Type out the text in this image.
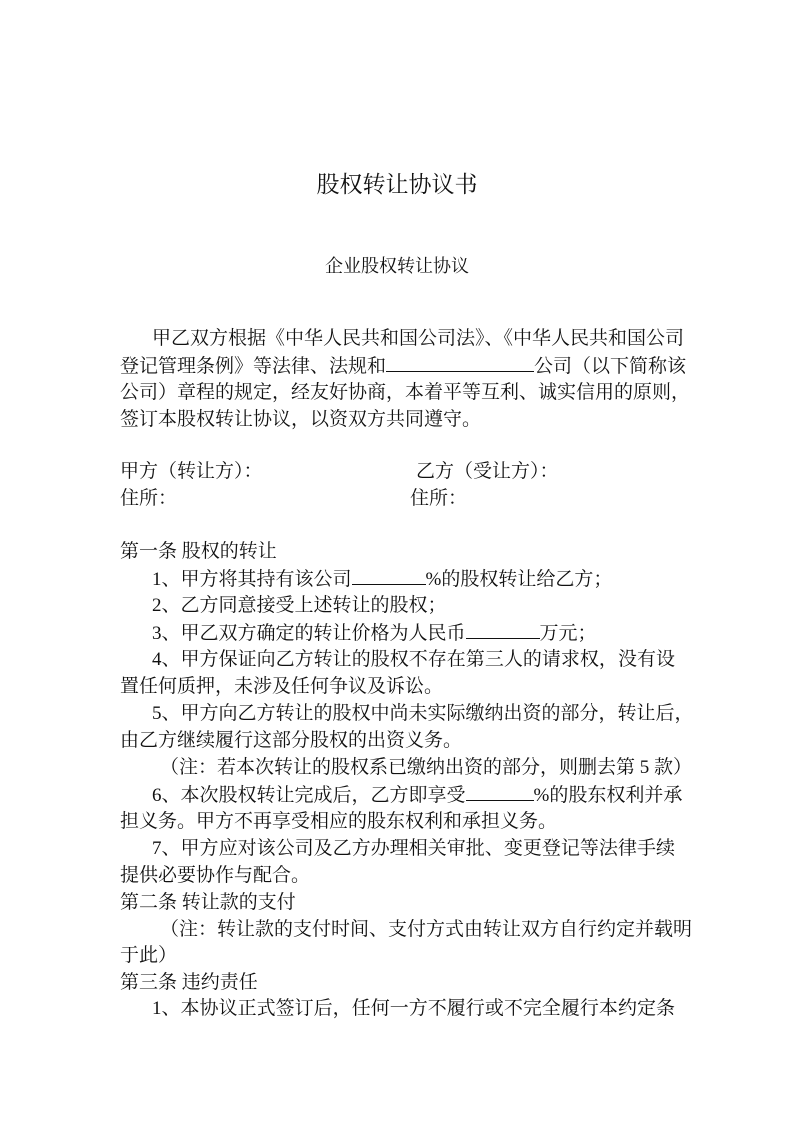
股权转让协议书
企业股权转让协议
甲乙双方根据《中华人民共和国公司法》、《中华人民共和国公司
登记管理条例》等法律、法规和	公司（以下简称该
公司）章程的规定，经友好协商，本着平等互利、诚实信用的原则，
签订本股权转让协议，以资双方共同遵守。
甲方（转让方）：	乙方（受让方）：
住所：	住所：
第一条 股权的转让
1、甲方将其持有该公司	%的股权转让给乙方；
2、乙方同意接受上述转让的股权；
3、甲乙双方确定的转让价格为人民币	万元；
4、甲方保证向乙方转让的股权不存在第三人的请求权，没有设
置任何质押，未涉及任何争议及诉讼。
5、甲方向乙方转让的股权中尚未实际缴纳出资的部分，转让后，
由乙方继续履行这部分股权的出资义务。
（注：若本次转让的股权系已缴纳出资的部分，则删去第 5 款）
6、本次股权转让完成后，乙方即享受	%的股东权利并承
担义务。甲方不再享受相应的股东权利和承担义务。
7、甲方应对该公司及乙方办理相关审批、变更登记等法律手续
提供必要协作与配合。
第二条 转让款的支付
（注：转让款的支付时间、支付方式由转让双方自行约定并载明
于此）
第三条 违约责任
1、本协议正式签订后，任何一方不履行或不完全履行本约定条
